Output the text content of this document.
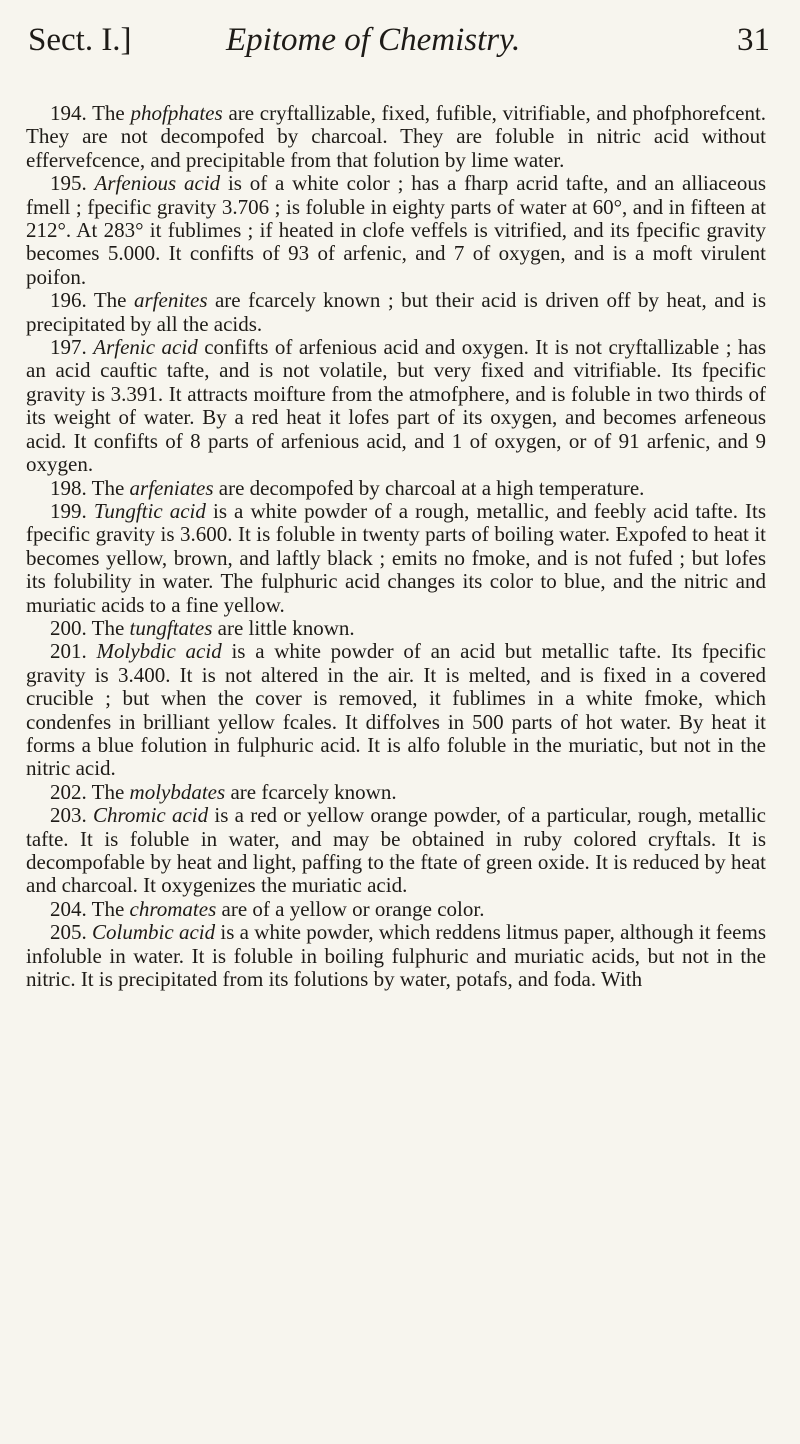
Sect. I.]	Epitome of Chemistry.	31

194. The phofphates are cryftallizable, fixed, fufible, vitrifiable, and phofphorefcent. They are not decompofed by charcoal. They are foluble in nitric acid without effervefcence, and precipitable from that folution by lime water.

195. Arfenious acid is of a white color ; has a fharp acrid tafte, and an alliaceous fmell ; fpecific gravity 3.706 ; is foluble in eighty parts of water at 60°, and in fifteen at 212°. At 283° it fublimes ; if heated in clofe veffels is vitrified, and its fpecific gravity becomes 5.000. It confifts of 93 of arfenic, and 7 of oxygen, and is a moft virulent poifon.

196. The arfenites are fcarcely known ; but their acid is driven off by heat, and is precipitated by all the acids.

197. Arfenic acid confifts of arfenious acid and oxygen. It is not cryftallizable ; has an acid cauftic tafte, and is not volatile, but very fixed and vitrifiable. Its fpecific gravity is 3.391. It attracts moifture from the atmofphere, and is foluble in two thirds of its weight of water. By a red heat it lofes part of its oxygen, and becomes arfeneous acid. It confifts of 8 parts of arfenious acid, and 1 of oxygen, or of 91 arfenic, and 9 oxygen.

198. The arfeniates are decompofed by charcoal at a high temperature.

199. Tungftic acid is a white powder of a rough, metallic, and feebly acid tafte. Its fpecific gravity is 3.600. It is foluble in twenty parts of boiling water. Expofed to heat it becomes yellow, brown, and laftly black ; emits no fmoke, and is not fufed ; but lofes its folubility in water. The fulphuric acid changes its color to blue, and the nitric and muriatic acids to a fine yellow.

200. The tungftates are little known.

201. Molybdic acid is a white powder of an acid but metallic tafte. Its fpecific gravity is 3.400. It is not altered in the air. It is melted, and is fixed in a covered crucible ; but when the cover is removed, it fublimes in a white fmoke, which condenfes in brilliant yellow fcales. It diffolves in 500 parts of hot water. By heat it forms a blue folution in fulphuric acid. It is alfo foluble in the muriatic, but not in the nitric acid.

202. The molybdates are fcarcely known.

203. Chromic acid is a red or yellow orange powder, of a particular, rough, metallic tafte. It is foluble in water, and may be obtained in ruby colored cryftals. It is decompofable by heat and light, paffing to the ftate of green oxide. It is reduced by heat and charcoal. It oxygenizes the muriatic acid.

204. The chromates are of a yellow or orange color.

205. Columbic acid is a white powder, which reddens litmus paper, although it feems infoluble in water. It is foluble in boiling fulphuric and muriatic acids, but not in the nitric. It is precipitated from its folutions by water, potafs, and foda. With
